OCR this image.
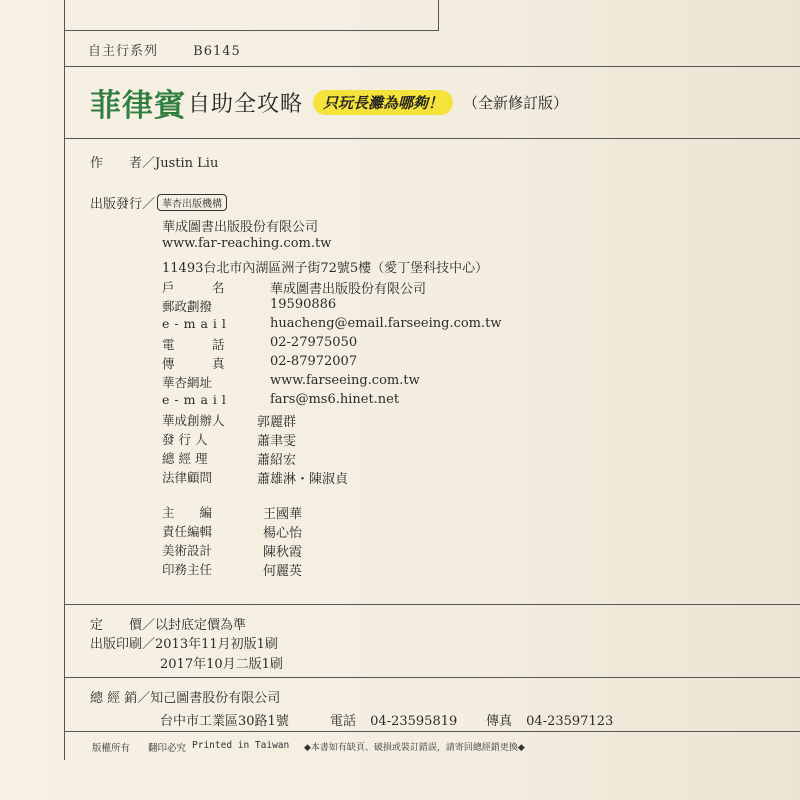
自主行系列	B6145
菲律賓 自助全攻略	只玩長灘為哪夠！	（全新修訂版）
作　　者／Justin Liu
出版發行／ 華杏出版機構
華成圖書出版股份有限公司
www.far-reaching.com.tw
11493台北市內湖區洲子街72號5樓（愛丁堡科技中心）
戶　　　名	華成圖書出版股份有限公司
郵政劃撥	19590886
e-mail	huacheng@email.farseeing.com.tw
電　　　話	02-27975050
傳　　　真	02-87972007
華杏網址	www.farseeing.com.tw
e-mail	fars@ms6.hinet.net
華成創辦人 郭麗群
發 行 人	蕭聿雯
總 經 理	蕭紹宏
法律顧問	蕭雄淋・陳淑貞
主　　編	王國華
責任編輯	楊心怡
美術設計	陳秋霞
印務主任	何麗英
定　　價／以封底定價為準
出版印刷／2013年11月初版1刷
2017年10月二版1刷
總 經 銷／知己圖書股份有限公司
台中市工業區30路1號	電話 04-23595819 傳真 04-23597123
版權所有 翻印必究 Printed in Taiwan ◆本書如有缺頁、破損或裝訂錯誤，請寄回總經銷更換◆
